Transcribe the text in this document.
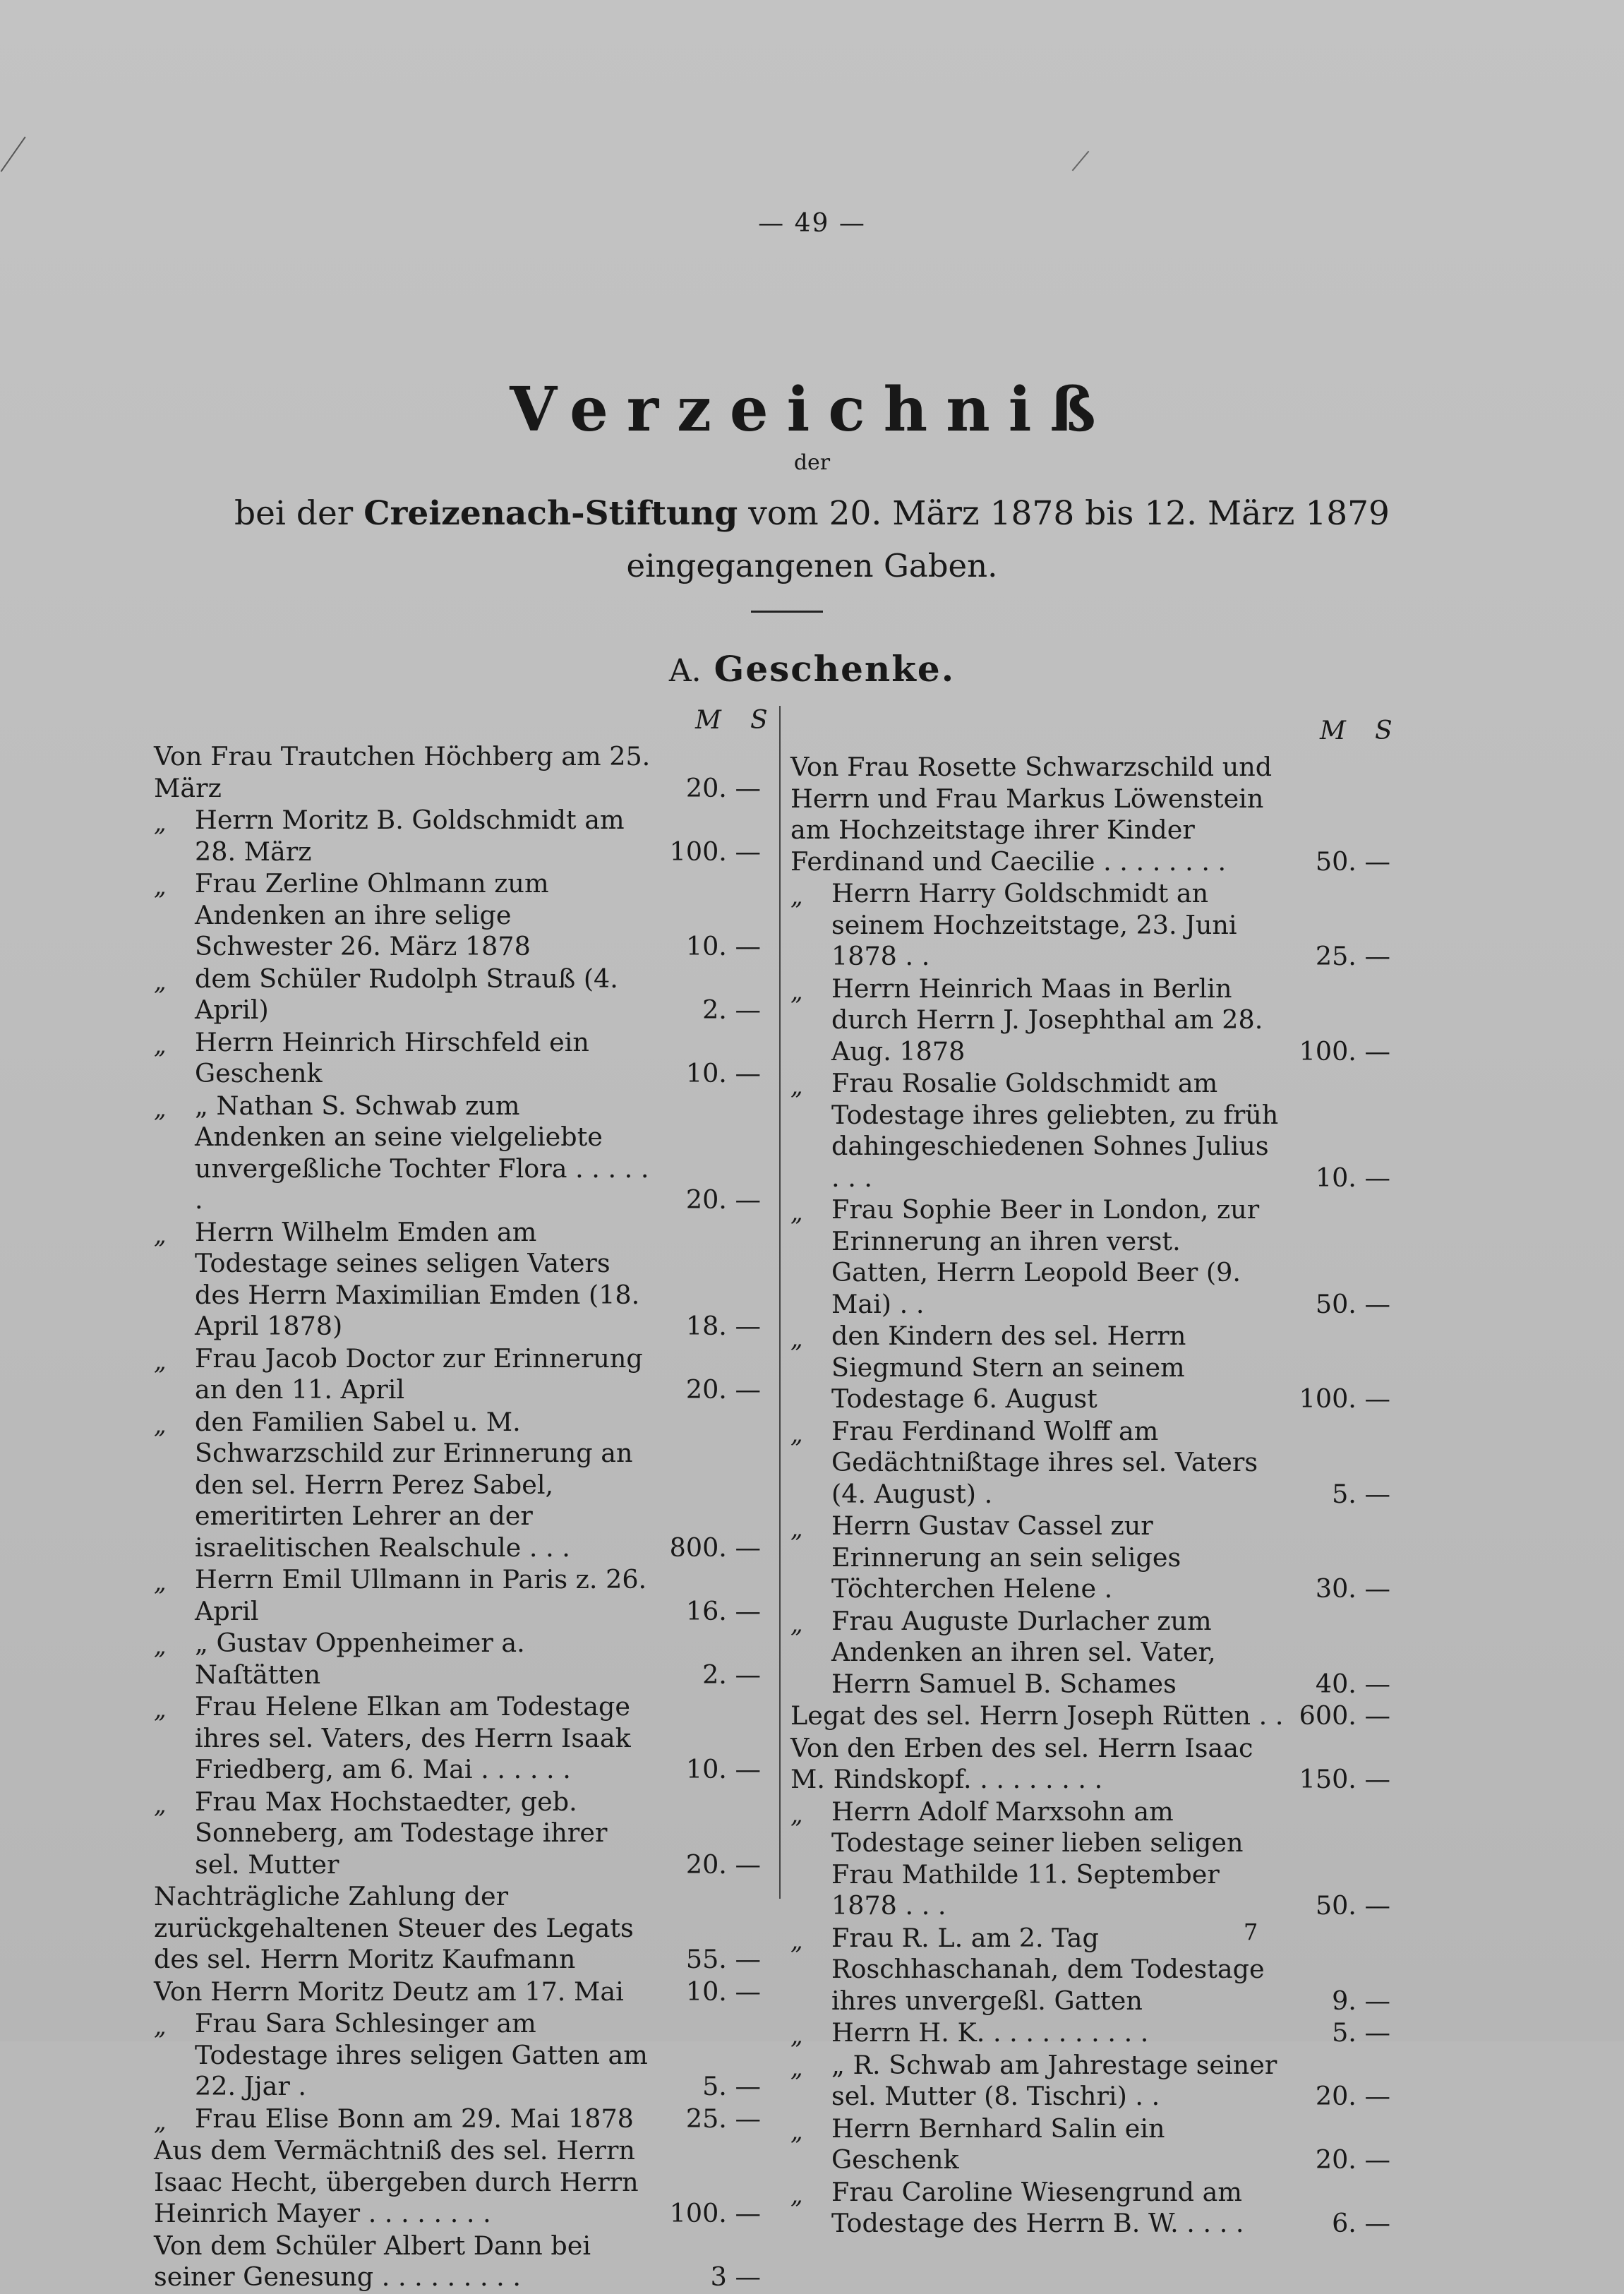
— 49 —
Verzeichniß
der
bei der Creizenach-Stiftung vom 20. März 1878 bis 12. März 1879
eingegangenen Gaben.
A. Geschenke.
M S	M S
Von Frau Trautchen Höchberg am 25. März	20. —
„	Herrn Moritz B. Goldschmidt am 28. März	100. —
„	Frau Zerline Ohlmann zum Andenken an ihre selige Schwester 26. März 1878	10. —
„	dem Schüler Rudolph Strauß (4. April)	2. —
„	Herrn Heinrich Hirschfeld ein Geschenk	10. —
„	„ Nathan S. Schwab zum Andenken an seine vielgeliebte unvergeßliche Tochter Flora . . . . . .	20. —
„	Herrn Wilhelm Emden am Todestage seines seligen Vaters des Herrn Maximilian Emden (18. April 1878)	18. —
„	Frau Jacob Doctor zur Erinnerung an den 11. April	20. —
„	den Familien Sabel u. M. Schwarzschild zur Erinnerung an den sel. Herrn Perez Sabel, emeritirten Lehrer an der israelitischen Realschule . . .	800. —
„	Herrn Emil Ullmann in Paris z. 26. April	16. —
„	„ Gustav Oppenheimer a. Naſtätten	2. —
„	Frau Helene Elkan am Todestage ihres sel. Vaters, des Herrn Isaak Friedberg, am 6. Mai . . . . . .	10. —
„	Frau Max Hochstaedter, geb. Sonneberg, am Todestage ihrer sel. Mutter	20. —
Nachträgliche Zahlung der zurückgehaltenen Steuer des Legats des sel. Herrn Moritz Kaufmann	55. —
Von Herrn Moritz Deutz am 17. Mai	10. —
„	Frau Sara Schlesinger am Todestage ihres seligen Gatten am 22. Jjar .	5. —
„	Frau Elise Bonn am 29. Mai 1878	25. —
Aus dem Vermächtniß des sel. Herrn Isaac Hecht, übergeben durch Herrn Heinrich Mayer . . . . . . . .	100. —
Von dem Schüler Albert Dann bei seiner Genesung . . . . . . . . .	3 —
Von Frau Rosette Schwarzschild und Herrn und Frau Markus Löwenstein am Hochzeitstage ihrer Kinder Ferdinand und Caecilie . . . . . . . .	50. —
„	Herrn Harry Goldschmidt an seinem Hochzeitstage, 23. Juni 1878 . .	25. —
„	Herrn Heinrich Maas in Berlin durch Herrn J. Josephthal am 28. Aug. 1878	100. —
„	Frau Rosalie Goldschmidt am Todestage ihres geliebten, zu früh dahingeschiedenen Sohnes Julius . . .	10. —
„	Frau Sophie Beer in London, zur Erinnerung an ihren verst. Gatten, Herrn Leopold Beer (9. Mai) . .	50. —
„	den Kindern des sel. Herrn Siegmund Stern an seinem Todestage 6. August	100. —
„	Frau Ferdinand Wolff am Gedächtnißtage ihres sel. Vaters (4. August) .	5. —
„	Herrn Gustav Cassel zur Erinnerung an sein seliges Töchterchen Helene .	30. —
„	Frau Auguste Durlacher zum Andenken an ihren sel. Vater, Herrn Samuel B. Schames	40. —
Legat des sel. Herrn Joseph Rütten . . 600. —
Von den Erben des sel. Herrn Isaac M. Rindskopf. . . . . . . . .	150. —
„	Herrn Adolf Marxsohn am Todestage seiner lieben seligen Frau Mathilde 11. September 1878 . . .	50. —
„	Frau R. L. am 2. Tag Roschhaschanah, dem Todestage ihres unvergeßl. Gatten	9. —
„	Herrn H. K. . . . . . . . . . .	5. —
„	„ R. Schwab am Jahrestage seiner sel. Mutter (8. Tischri) . .	20. —
„	Herrn Bernhard Salin ein Geschenk	20. —
„	Frau Caroline Wiesengrund am Todestage des Herrn B. W. . . . .	6. —
7
